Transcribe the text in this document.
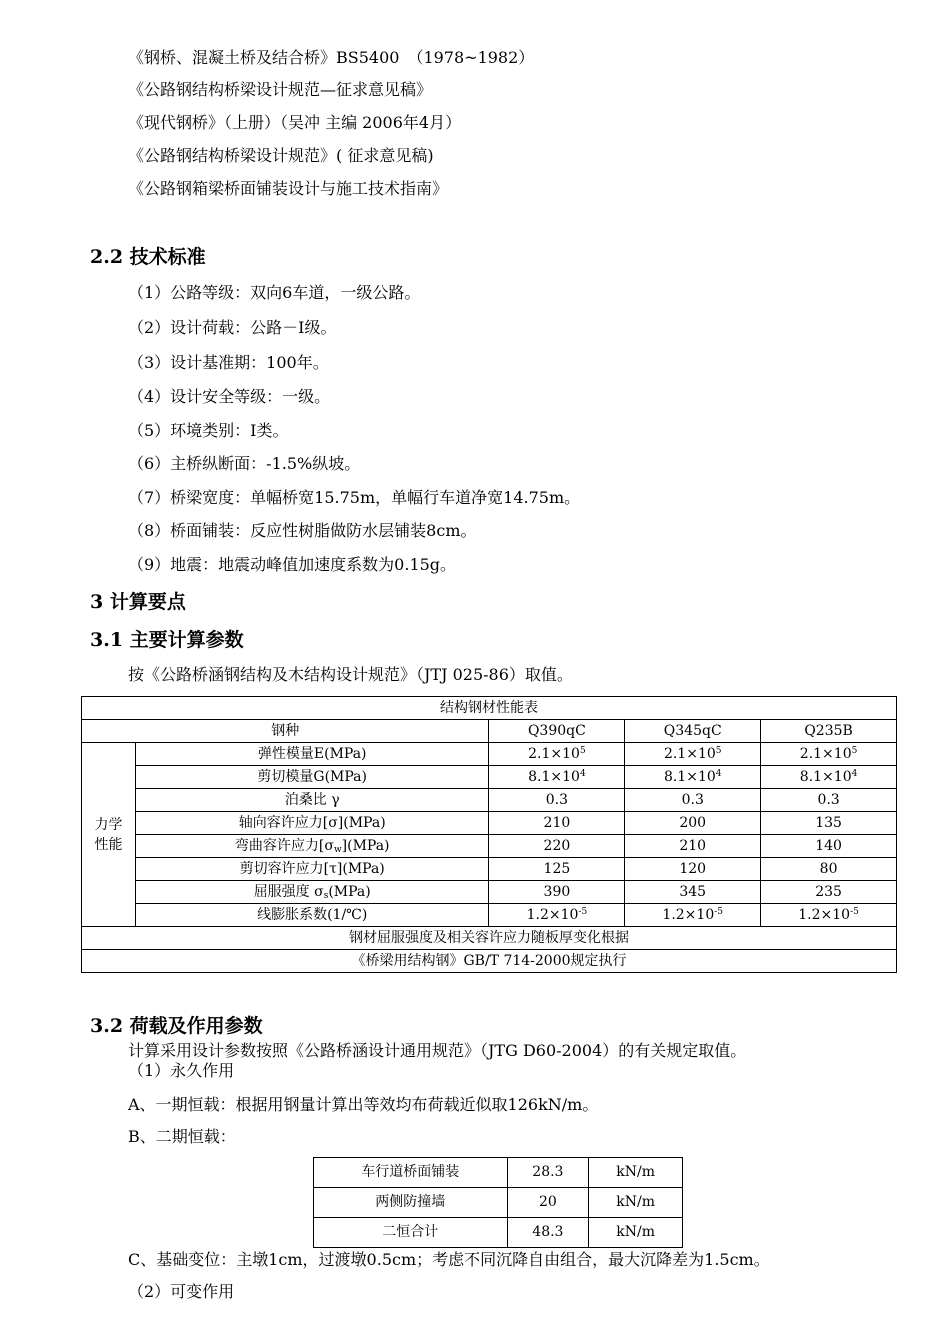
《钢桥、混凝土桥及结合桥》BS5400　（1978~1982）
《公路钢结构桥梁设计规范—征求意见稿》
《现代钢桥》（上册）（吴冲 主编 2006年4月）
《公路钢结构桥梁设计规范》( 征求意见稿)
《公路钢箱梁桥面铺装设计与施工技术指南》
2.2 技术标准
（1）公路等级：双向6车道，一级公路。
（2）设计荷载：公路－I级。
（3）设计基准期：100年。
（4）设计安全等级：一级。
（5）环境类别：I类。
（6）主桥纵断面：-1.5%纵坡。
（7）桥梁宽度：单幅桥宽15.75m，单幅行车道净宽14.75m。
（8）桥面铺装：反应性树脂做防水层铺装8cm。
（9）地震：地震动峰值加速度系数为0.15g。
3 计算要点
3.1 主要计算参数
按《公路桥涵钢结构及木结构设计规范》（JTJ 025-86）取值。
结构钢材性能表				
钢种		Q390qC	Q345qC	Q235B
力学
性能	弹性模量E(MPa)	$2.1\times 10^5$	$2.1\times 10^5$	$2.1\times 10^5$
	剪切模量G(MPa)	$8.1\times 10^4$	$8.1\times 10^4$	$8.1\times 10^4$
	泊桑比 γ	0.3	0.3	0.3
	轴向容许应力[σ](MPa)	210	200	135
	弯曲容许应力$[\sigma_w](MPa)$	220	210	140
	剪切容许应力[τ](MPa)	125	120	80
	屈服强度 $\sigma_s(MPa)$	390	345	235
	线膨胀系数(1/℃)	$1.2\times 10^{-5}$	$1.2\times 10^{-5}$	$1.2\times 10^{-5}$
钢材屈服强度及相关容许应力随板厚变化根据				
《桥梁用结构钢》GB/T 714-2000规定执行				
3.2 荷载及作用参数
计算采用设计参数按照《公路桥涵设计通用规范》（JTG D60-2004）的有关规定取值。
（1）永久作用
A、一期恒载：根据用钢量计算出等效均布荷载近似取126kN/m。
B、二期恒载：
车行道桥面铺装	28.3	kN/m
两侧防撞墙	20	kN/m
二恒合计	48.3	kN/m
C、基础变位：主墩1cm，过渡墩0.5cm；考虑不同沉降自由组合，最大沉降差为1.5cm。
（2）可变作用
